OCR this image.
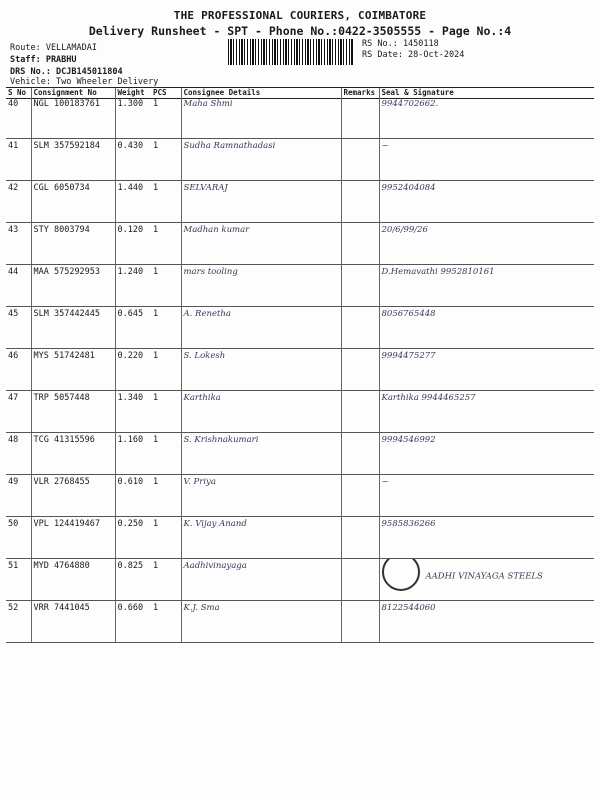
THE PROFESSIONAL COURIERS, COIMBATORE
Delivery Runsheet - SPT - Phone No.:0422-3505555 - Page No.:4
Route: VELLAMADAI
Staff: PRABHU
DRS No.: DCJB145011804
Vehicle: Two Wheeler Delivery
RS No.: 1450118
RS Date: 28-Oct-2024
S No	Consignment No	Weight	PCS	Consignee Details	Remarks	Seal & Signature
40	NGL 100183761	1.300	1	Maha Shmi		9944702662.
41	SLM 357592184	0.430	1	Sudha Ramnathadasi		~
42	CGL 6050734	1.440	1	SELVARAJ		9952404084
43	STY 8003794	0.120	1	Madhan kumar		20/6/99/26
44	MAA 575292953	1.240	1	mars tooling		D.Hemavathi 9952810161
45	SLM 357442445	0.645	1	A. Renetha		8056765448
46	MYS 51742481	0.220	1	S. Lokesh		9994475277
47	TRP 5057448	1.340	1	Karthika		Karthika 9944465257
48	TCG 41315596	1.160	1	S. Krishnakumari		9994546992
49	VLR 2768455	0.610	1	V. Priya		~
50	VPL 124419467	0.250	1	K. Vijay Anand		9585836266
51	MYD 4764880	0.825	1	Aadhivinayaga		AADHI VINAYAGA STEELS
52	VRR 7441045	0.660	1	K.J. Sma		8122544060
